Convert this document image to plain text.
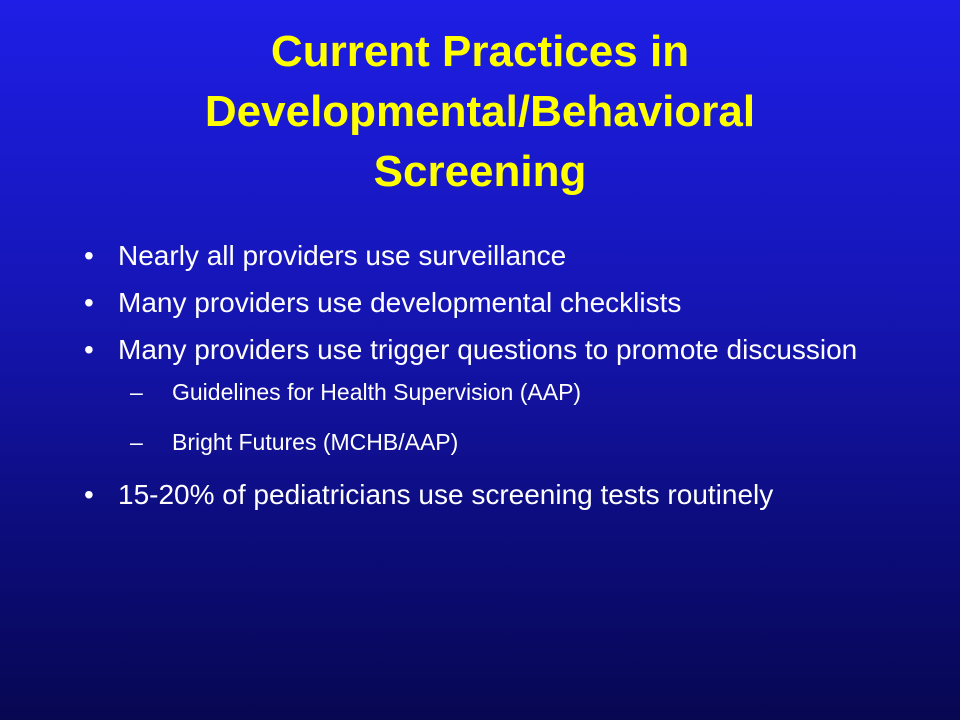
Current Practices in
Developmental/Behavioral
Screening
• Nearly all providers use surveillance
• Many providers use developmental checklists
• Many providers use trigger questions to promote discussion
– Guidelines for Health Supervision (AAP)
– Bright Futures (MCHB/AAP)
• 15-20% of pediatricians use screening tests routinely
